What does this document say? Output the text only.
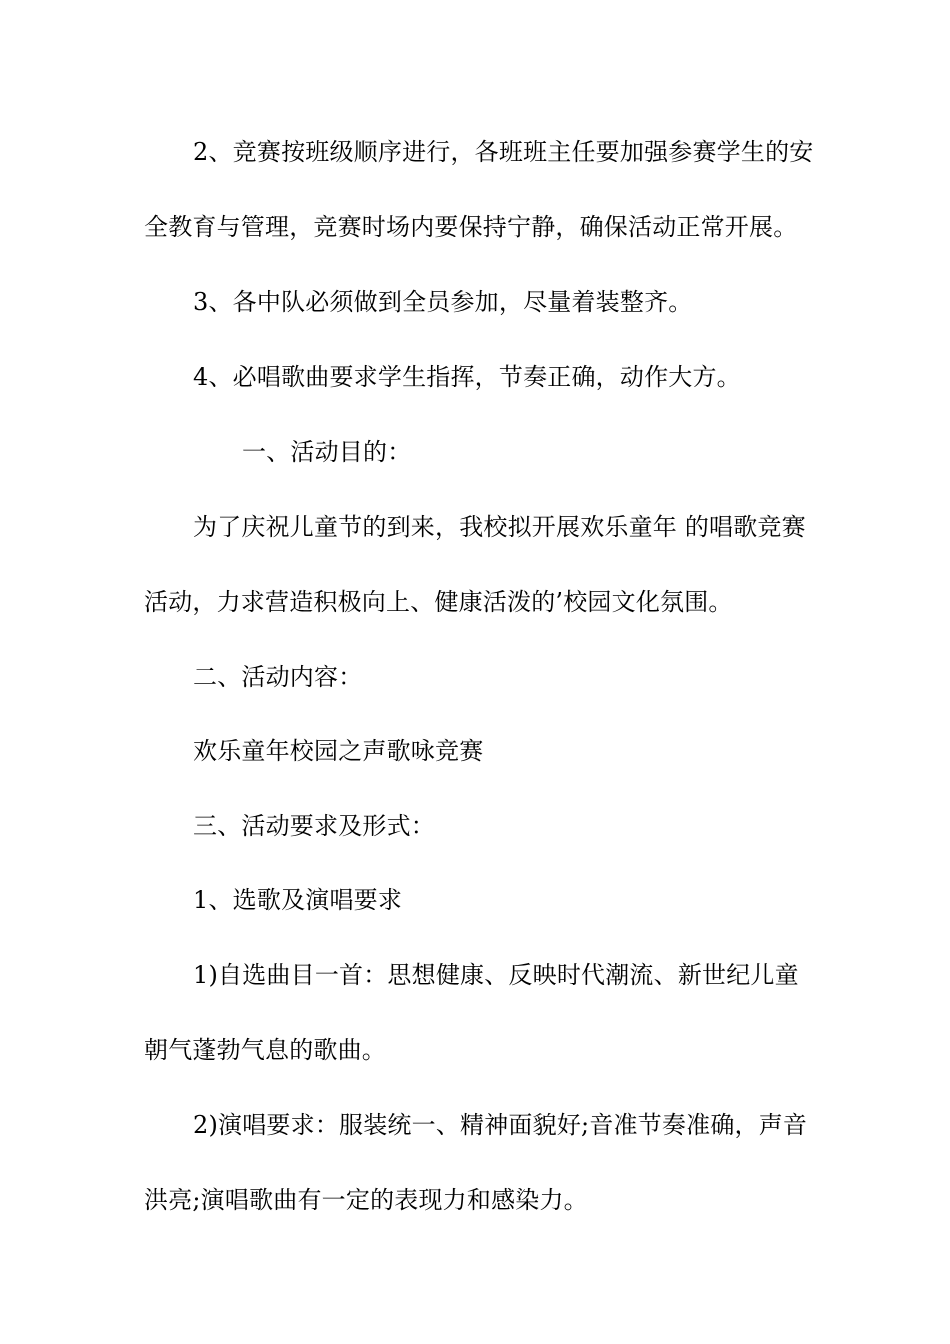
2、竞赛按班级顺序进行，各班班主任要加强参赛学生的安
全教育与管理，竞赛时场内要保持宁静，确保活动正常开展。
3、各中队必须做到全员参加，尽量着装整齐。
4、必唱歌曲要求学生指挥，节奏正确，动作大方。
一、活动目的：
为了庆祝儿童节的到来，我校拟开展欢乐童年 的唱歌竞赛
活动，力求营造积极向上、健康活泼的’校园文化氛围。
二、活动内容：
欢乐童年校园之声歌咏竞赛
三、活动要求及形式：
1、选歌及演唱要求
1)自选曲目一首：思想健康、反映时代潮流、新世纪儿童
朝气蓬勃气息的歌曲。
2)演唱要求：服装统一、精神面貌好;音准节奏准确，声音
洪亮;演唱歌曲有一定的表现力和感染力。
